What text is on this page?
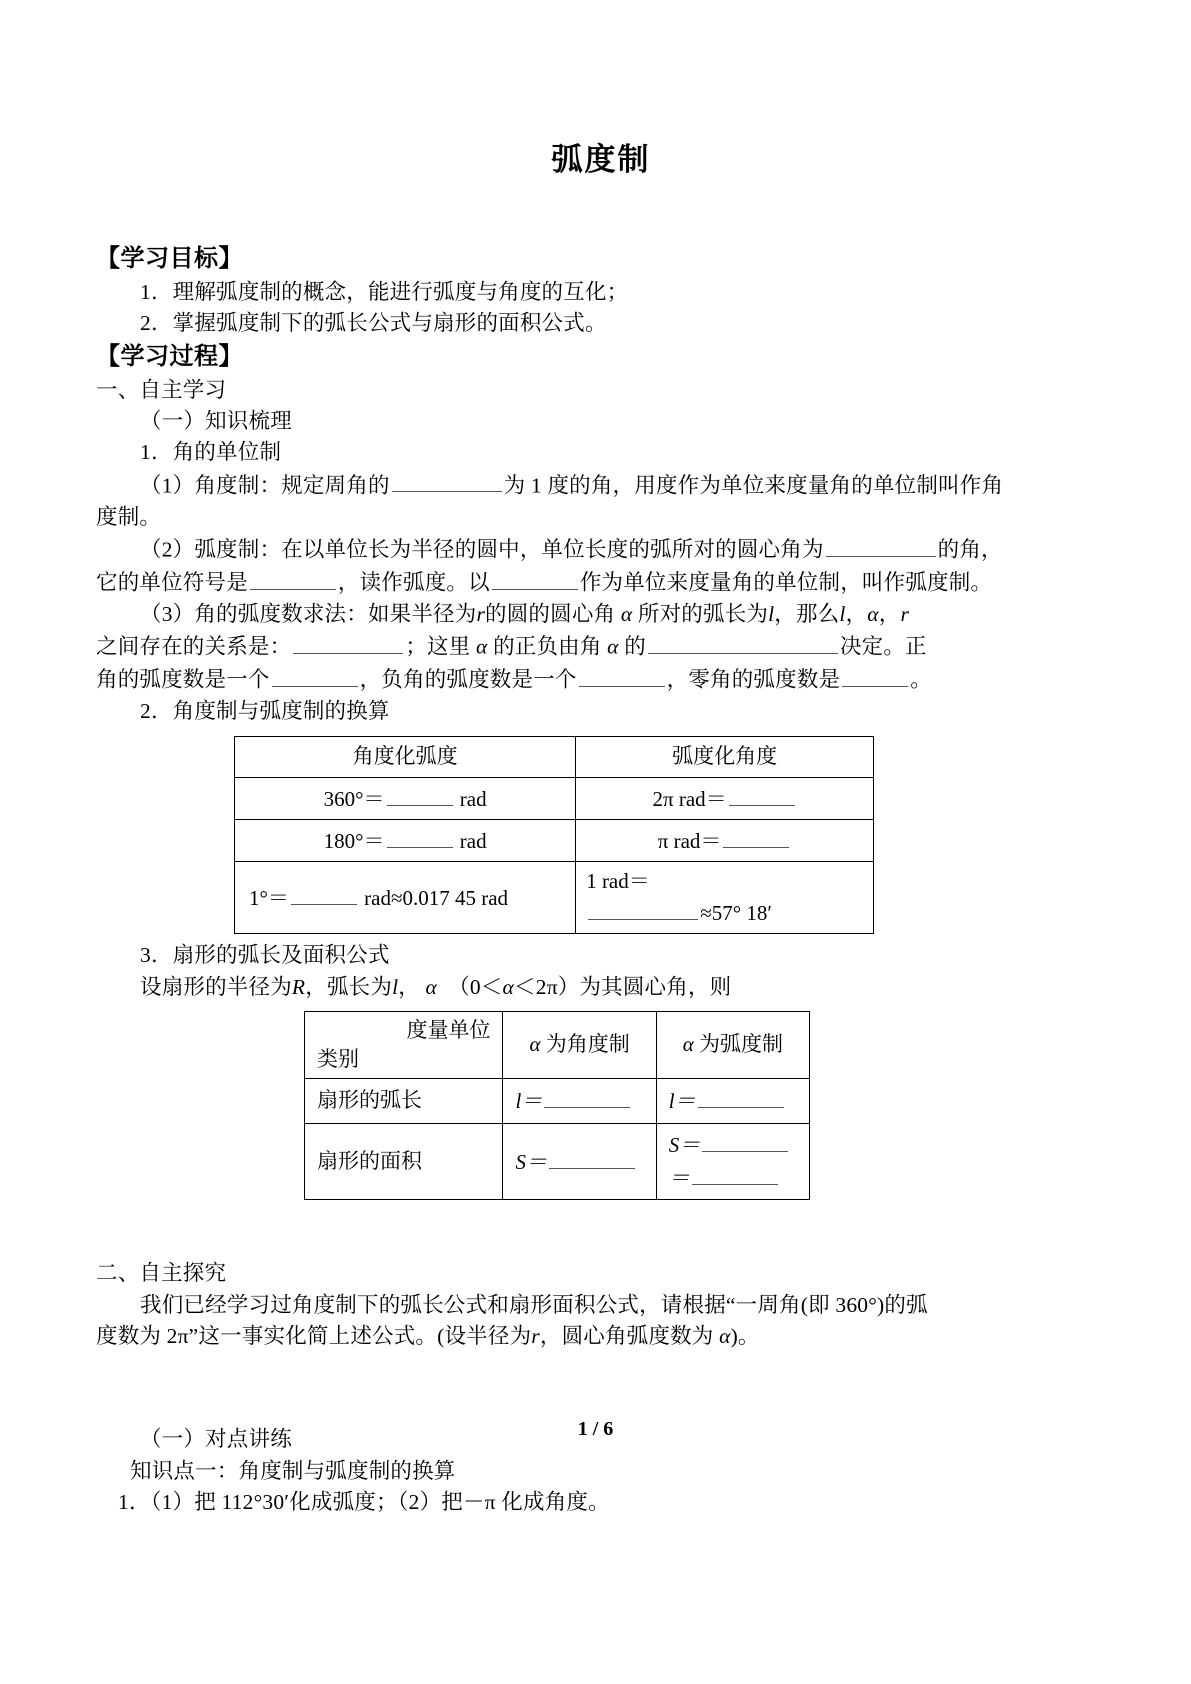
弧度制
【学习目标】
1．理解弧度制的概念，能进行弧度与角度的互化；
2．掌握弧度制下的弧长公式与扇形的面积公式。
【学习过程】
一、自主学习
（一）知识梳理
1．角的单位制
（1）角度制：规定周角的	为 1 度的角，用度作为单位来度量角的单位制叫作角
度制。
（2）弧度制：在以单位长为半径的圆中，单位长度的弧所对的圆心角为	的角，
它的单位符号是	，读作弧度。以	作为单位来度量角的单位制，叫作弧度制。
（3）角的弧度数求法：如果半径为r的圆的圆心角 α 所对的弧长为l，那么l，α，r
之间存在的关系是：	；这里 α 的正负由角 α 的	决定。正
角的弧度数是一个	，负角的弧度数是一个	，零角的弧度数是	。
2．角度制与弧度制的换算
角度化弧度	弧度化角度
360°＝ rad	2π rad＝
180°＝ rad	π rad＝
1°＝ rad≈0.017 45 rad	1 rad＝
≈57° 18′
3．扇形的弧长及面积公式
设扇形的半径为R，弧长为l， α （0＜α＜2π）为其圆心角，则
度量单位
类别	α 为角度制	α 为弧度制
扇形的弧长	l＝	l＝
扇形的面积	S＝	S＝
＝
二、自主探究
我们已经学习过角度制下的弧长公式和扇形面积公式，请根据“一周角(即 360°)的弧
度数为 2π”这一事实化简上述公式。(设半径为r，圆心角弧度数为 α)。
（一）对点讲练
知识点一：角度制与弧度制的换算
1．（1）把 112°30′化成弧度；（2）把－π 化成角度。
1 / 6
